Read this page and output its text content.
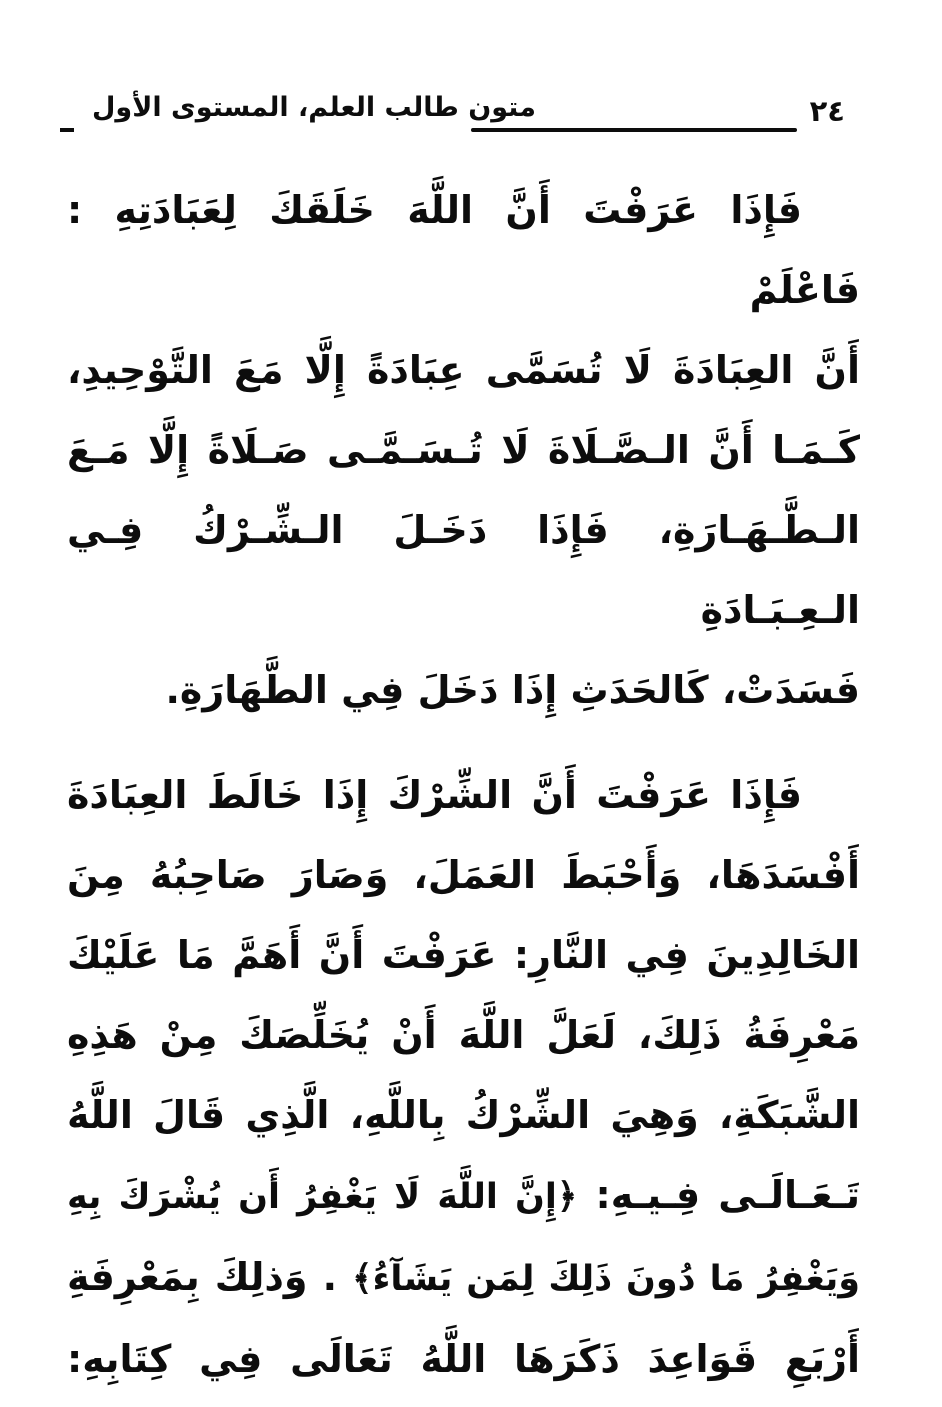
٢٤
متون طالب العلم، المستوى الأول
فَإِذَا عَرَفْتَ أَنَّ اللَّهَ خَلَقَكَ لِعَبَادَتِهِ : فَاعْلَمْ
أَنَّ العِبَادَةَ لَا تُسَمَّى عِبَادَةً إِلَّا مَعَ التَّوْحِيدِ،
كَـمَـا أَنَّ الـصَّـلَاةَ لَا تُـسَـمَّـى صَـلَاةً إِلَّا مَـعَ
الـطَّـهَـارَةِ، فَإِذَا دَخَـلَ الـشِّـرْكُ فِـي الـعِـبَـادَةِ
فَسَدَتْ، كَالحَدَثِ إِذَا دَخَلَ فِي الطَّهَارَةِ.
فَإِذَا عَرَفْتَ أَنَّ الشِّرْكَ إِذَا خَالَطَ العِبَادَةَ
أَفْسَدَهَا، وَأَحْبَطَ العَمَلَ، وَصَارَ صَاحِبُهُ مِنَ
الخَالِدِينَ فِي النَّارِ: عَرَفْتَ أَنَّ أَهَمَّ مَا عَلَيْكَ
مَعْرِفَةُ ذَلِكَ، لَعَلَّ اللَّهَ أَنْ يُخَلِّصَكَ مِنْ هَذِهِ
الشَّبَكَةِ، وَهِيَ الشِّرْكُ بِاللَّهِ، الَّذِي قَالَ اللَّهُ
تَـعَـالَـى فِـيـهِ: ﴿إِنَّ اللَّهَ لَا يَغْفِرُ أَن يُشْرَكَ بِهِ
وَيَغْفِرُ مَا دُونَ ذَلِكَ لِمَن يَشَآءُ﴾ . وَذلِكَ بِمَعْرِفَةِ
أَرْبَعِ قَوَاعِدَ ذَكَرَهَا اللَّهُ تَعَالَى فِي كِتَابِهِ:
